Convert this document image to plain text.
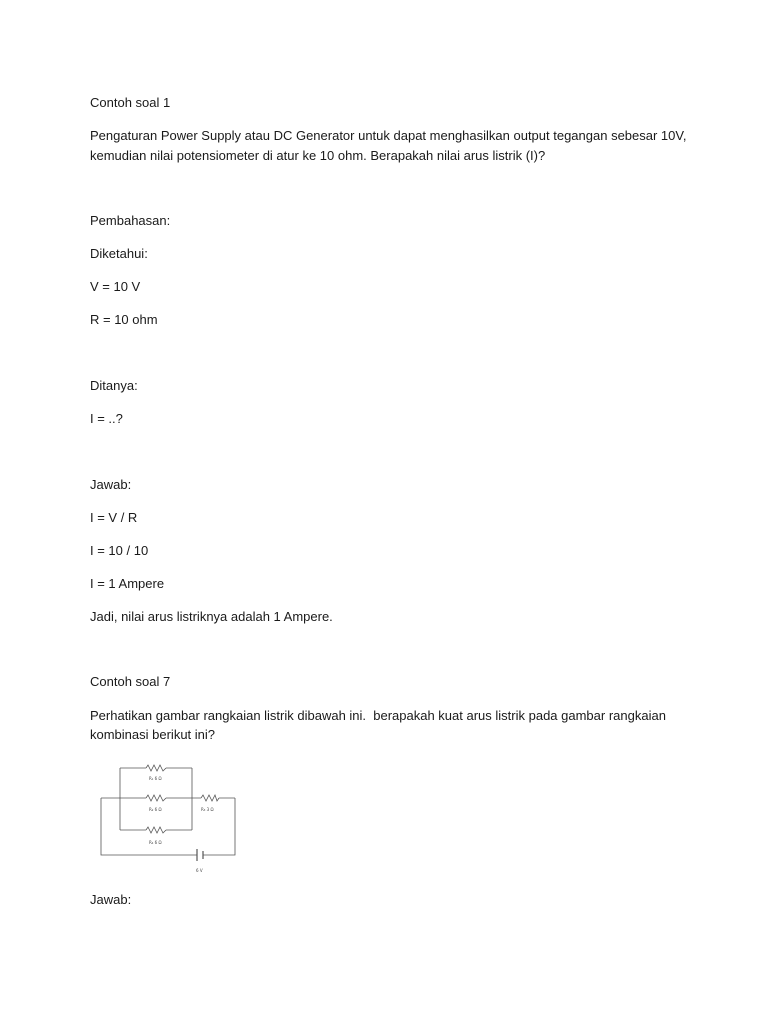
Contoh soal 1

Pengaturan Power Supply atau DC Generator untuk dapat menghasilkan output tegangan sebesar 10V,

kemudian nilai potensiometer di atur ke 10 ohm. Berapakah nilai arus listrik (I)?

Pembahasan:

Diketahui:

V = 10 V

R = 10 ohm

Ditanya:

I = ..?

Jawab:

I = V / R

I = 10 / 10

I = 1 Ampere

Jadi, nilai arus listriknya adalah 1 Ampere.

Contoh soal 7

Perhatikan gambar rangkaian listrik dibawah ini.  berapakah kuat arus listrik pada gambar rangkaian

kombinasi berikut ini?

R₁ 6 Ω
R₂ 6 Ω	R₃ 3 Ω
R₄ 6 Ω
6 V

Jawab:
